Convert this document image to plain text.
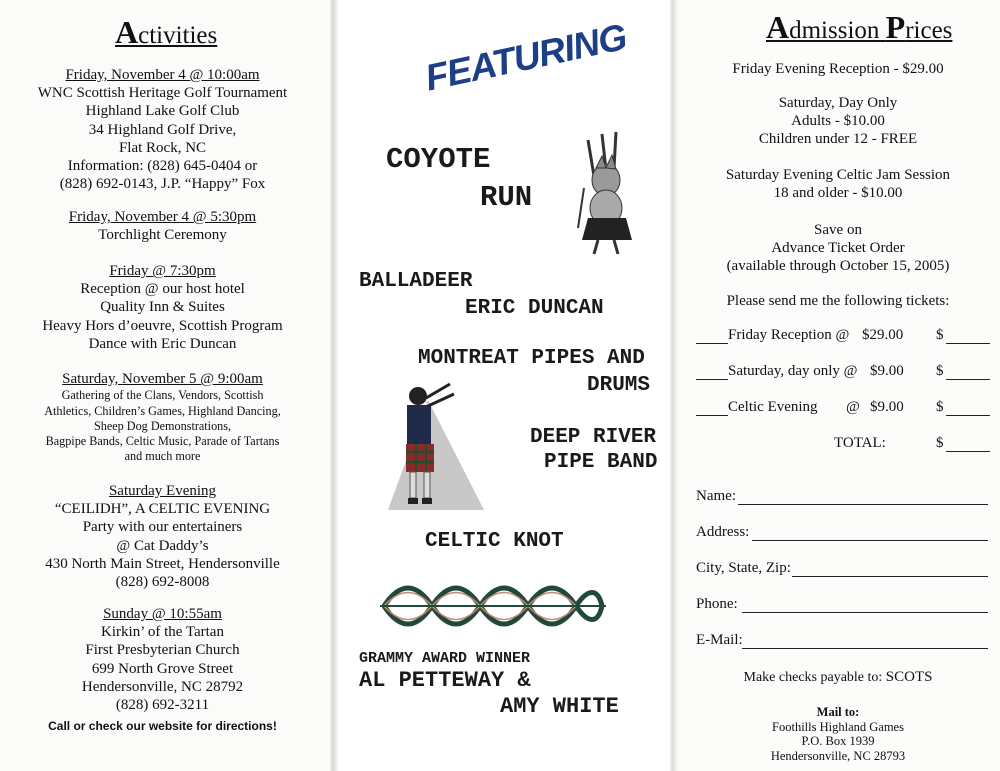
Activities
Friday, November 4 @ 10:00am
WNC Scottish Heritage Golf Tournament
Highland Lake Golf Club
34 Highland Golf Drive,
Flat Rock, NC
Information: (828) 645-0404 or
(828) 692-0143, J.P. “Happy” Fox
Friday, November 4 @ 5:30pm
Torchlight Ceremony
Friday @ 7:30pm
Reception @ our host hotel
Quality Inn & Suites
Heavy Hors d’oeuvre, Scottish Program
Dance with Eric Duncan
Saturday, November 5 @ 9:00am
Gathering of the Clans, Vendors, Scottish
Athletics, Children’s Games, Highland Dancing,
Sheep Dog Demonstrations,
Bagpipe Bands, Celtic Music, Parade of Tartans
and much more
Saturday Evening
“CEILIDH”, A CELTIC EVENING
Party with our entertainers
@ Cat Daddy’s
430 North Main Street, Hendersonville
(828) 692-8008
Sunday @ 10:55am
Kirkin’ of the Tartan
First Presbyterian Church
699 North Grove Street
Hendersonville, NC 28792
(828) 692-3211
Call or check our website for directions!
FEATURING
COYOTE
RUN
BALLADEER
ERIC DUNCAN
MONTREAT PIPES AND
DRUMS
DEEP RIVER
PIPE BAND
CELTIC KNOT
GRAMMY AWARD WINNER
AL PETTEWAY &
AMY WHITE
Admission Prices
Friday Evening Reception - $29.00
Saturday, Day Only
Adults - $10.00
Children under 12 - FREE
Saturday Evening Celtic Jam Session
18 and older - $10.00
Save on
Advance Ticket Order
(available through October 15, 2005)
Please send me the following tickets:
Friday Reception @ $29.00 $
Saturday, day only @ $9.00 $
Celtic Evening @ $9.00 $
TOTAL:	$
Name:
Address:
City, State, Zip:
Phone:
E-Mail:
Make checks payable to: SCOTS
Mail to:
Foothills Highland Games
P.O. Box 1939
Hendersonville, NC 28793
